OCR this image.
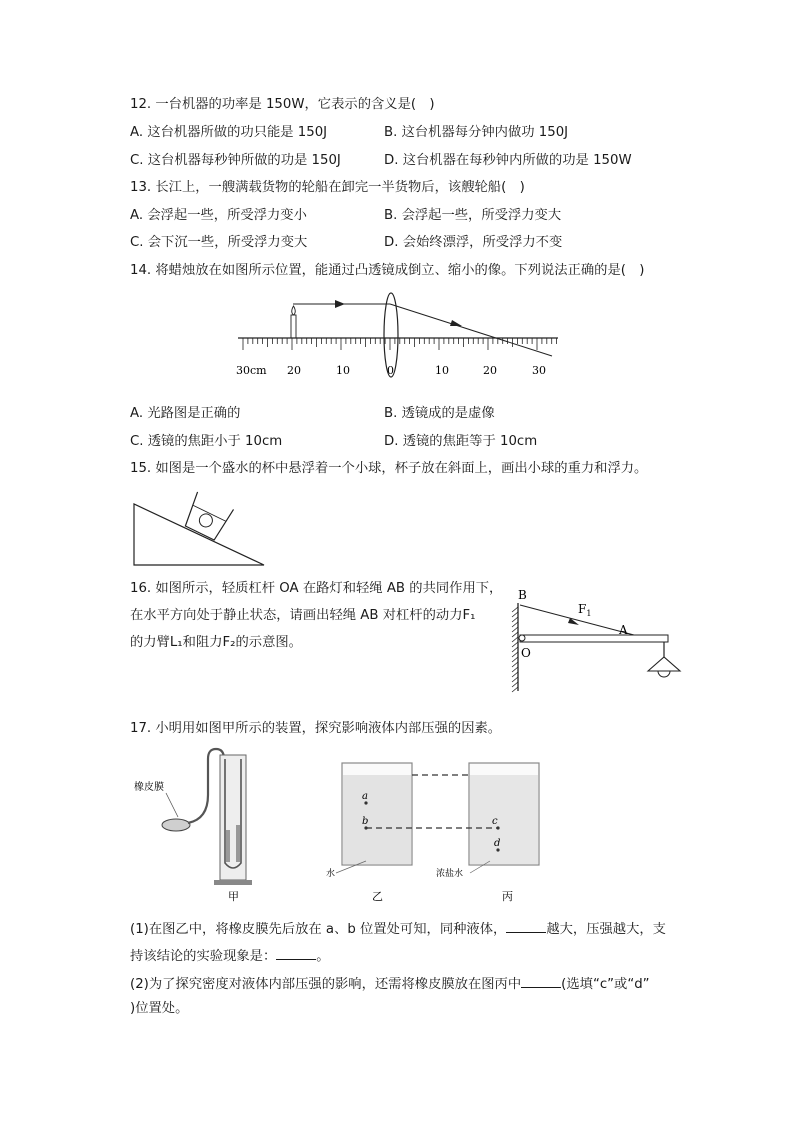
12. 一台机器的功率是 150W，它表示的含义是(　)
A. 这台机器所做的功只能是 150J	B. 这台机器每分钟内做功 150J
C. 这台机器每秒钟所做的功是 150J	D. 这台机器在每秒钟内所做的功是 150W
13. 长江上，一艘满载货物的轮船在卸完一半货物后，该艘轮船(　)
A. 会浮起一些，所受浮力变小	B. 会浮起一些，所受浮力变大
C. 会下沉一些，所受浮力变大	D. 会始终漂浮，所受浮力不变
14. 将蜡烛放在如图所示位置，能通过凸透镜成倒立、缩小的像。下列说法正确的是(　)
30cm 20	10	0	10	20	30
A. 光路图是正确的	B. 透镜成的是虚像
C. 透镜的焦距小于 10cm	D. 透镜的焦距等于 10cm
15. 如图是一个盛水的杯中悬浮着一个小球，杯子放在斜面上，画出小球的重力和浮力。
16. 如图所示，轻质杠杆 OA 在路灯和轻绳 AB 的共同作用下，
在水平方向处于静止状态，请画出轻绳 AB 对杠杆的动力F₁
的力臂L₁和阻力F₂的示意图。
B
O
A
$F_1$
17. 小明用如图甲所示的装置，探究影响液体内部压强的因素。
橡皮膜
甲
a
b
水
乙
c
d
浓盐水
丙
(1)在图乙中，将橡皮膜先后放在 a、b 位置处可知，同种液体，	越大，压强越大，支
持该结论的实验现象是：	。
(2)为了探究密度对液体内部压强的影响，还需将橡皮膜放在图丙中	(选填“c”或“d”
)位置处。
